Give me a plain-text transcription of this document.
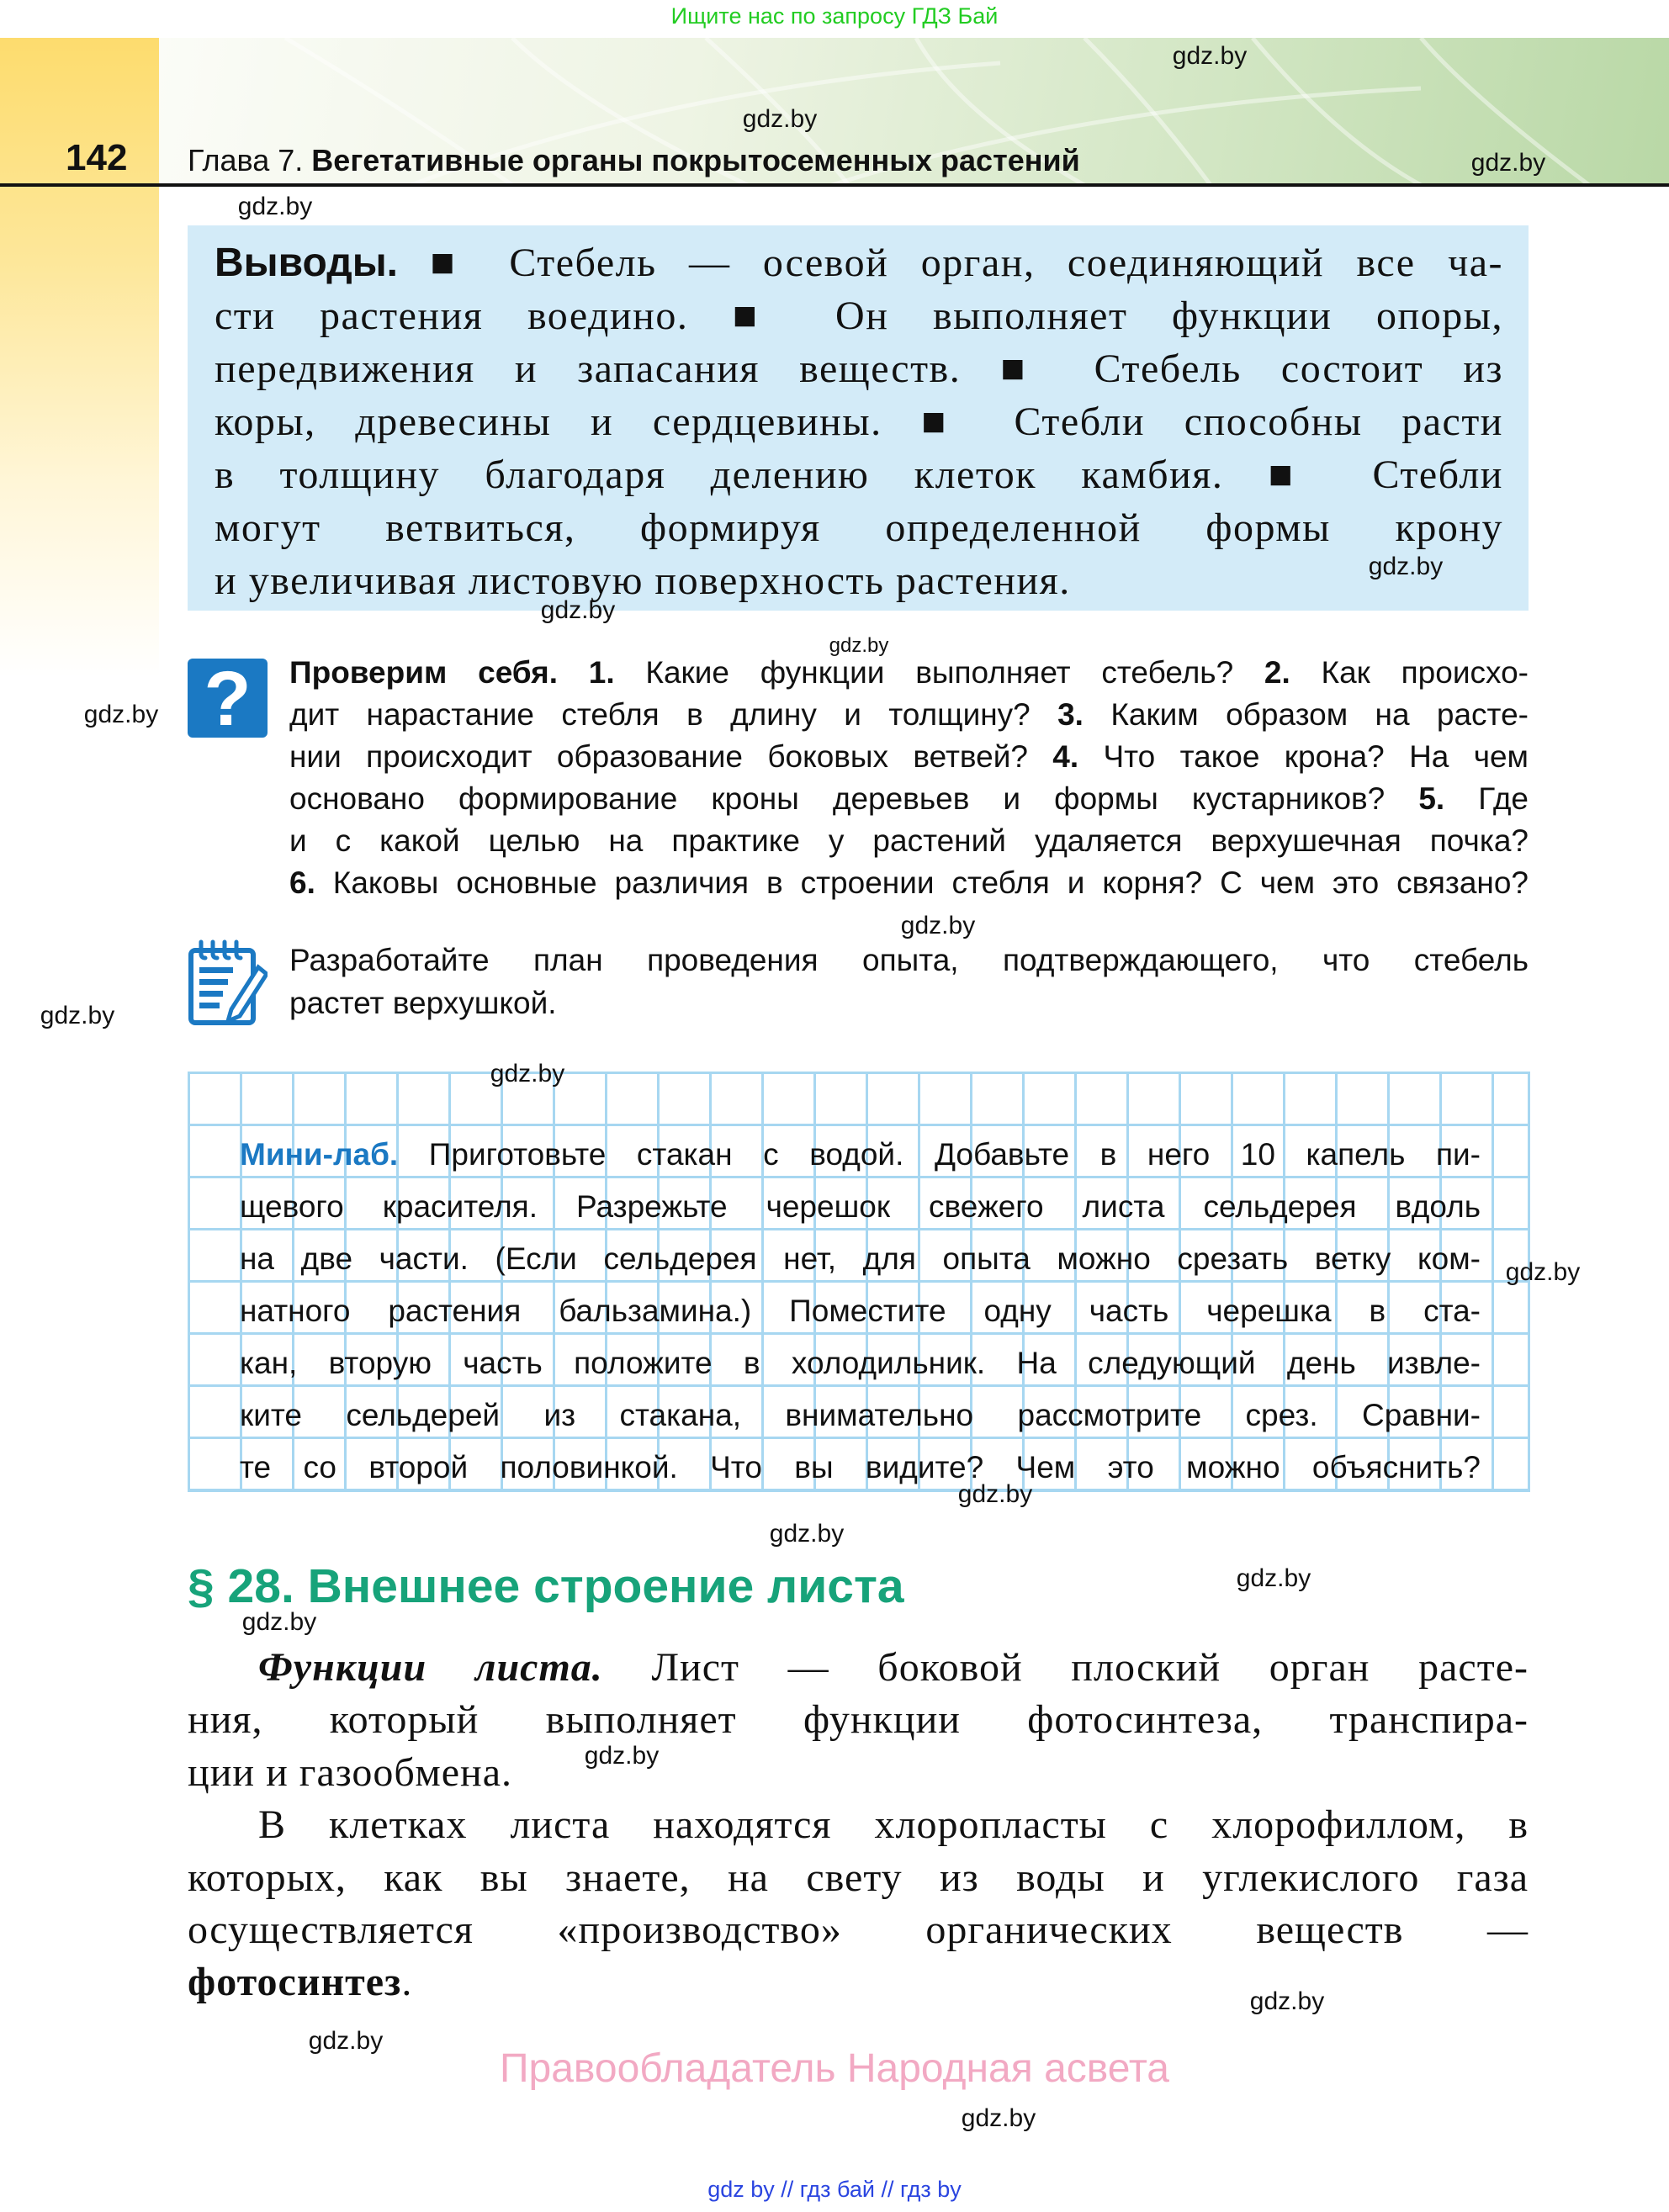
Ищите нас по запросу ГДЗ Бай
142 Глава 7. Вегетативные органы покрытосеменных растений
Выводы. ■ Стебель — осевой орган, соединяющий все ча-
сти растения воедино. ■ Он выполняет функции опоры,
передвижения и запасания веществ. ■ Стебель состоит из
коры, древесины и сердцевины. ■ Стебли способны расти
в толщину благодаря делению клеток камбия. ■ Стебли
могут ветвиться, формируя определенной формы крону
и увеличивая листовую поверхность растения.
?	Проверим себя. 1. Какие функции выполняет стебель? 2. Как происхо-
дит нарастание стебля в длину и толщину? 3. Каким образом на расте-
нии происходит образование боковых ветвей? 4. Что такое крона? На чем
основано формирование кроны деревьев и формы кустарников? 5. Где
и с какой целью на практике у растений удаляется верхушечная почка?
6. Каковы основные различия в строении стебля и корня? С чем это связано?
Разработайте план проведения опыта, подтверждающего, что стебель
растет верхушкой.
Мини-лаб. Приготовьте стакан с водой. Добавьте в него 10 капель пи-
щевого красителя. Разрежьте черешок свежего листа сельдерея вдоль
на две части. (Если сельдерея нет, для опыта можно срезать ветку ком-
натного растения бальзамина.) Поместите одну часть черешка в ста-
кан, вторую часть положите в холодильник. На следующий день извле-
ките сельдерей из стакана, внимательно рассмотрите срез. Сравни-
те со второй половинкой. Что вы видите? Чем это можно объяснить?
§ 28. Внешнее строение листа
Функции листа. Лист — боковой плоский орган расте-
ния, который выполняет функции фотосинтеза, транспира-
ции и газообмена.
В клетках листа находятся хлоропласты с хлорофиллом, в
которых, как вы знаете, на свету из воды и углекислого газа
осуществляется «производство» органических веществ —
фотосинтез.
Правообладатель Народная асвета
gdz by // гдз бай // гдз by
gdz.by
gdz.by
gdz.by
gdz.by
gdz.by
gdz.by
gdz.by
gdz.by
gdz.by
gdz.by
gdz.by
gdz.by
gdz.by
gdz.by
gdz.by
gdz.by
gdz.by
gdz.by
gdz.by
gdz.by
